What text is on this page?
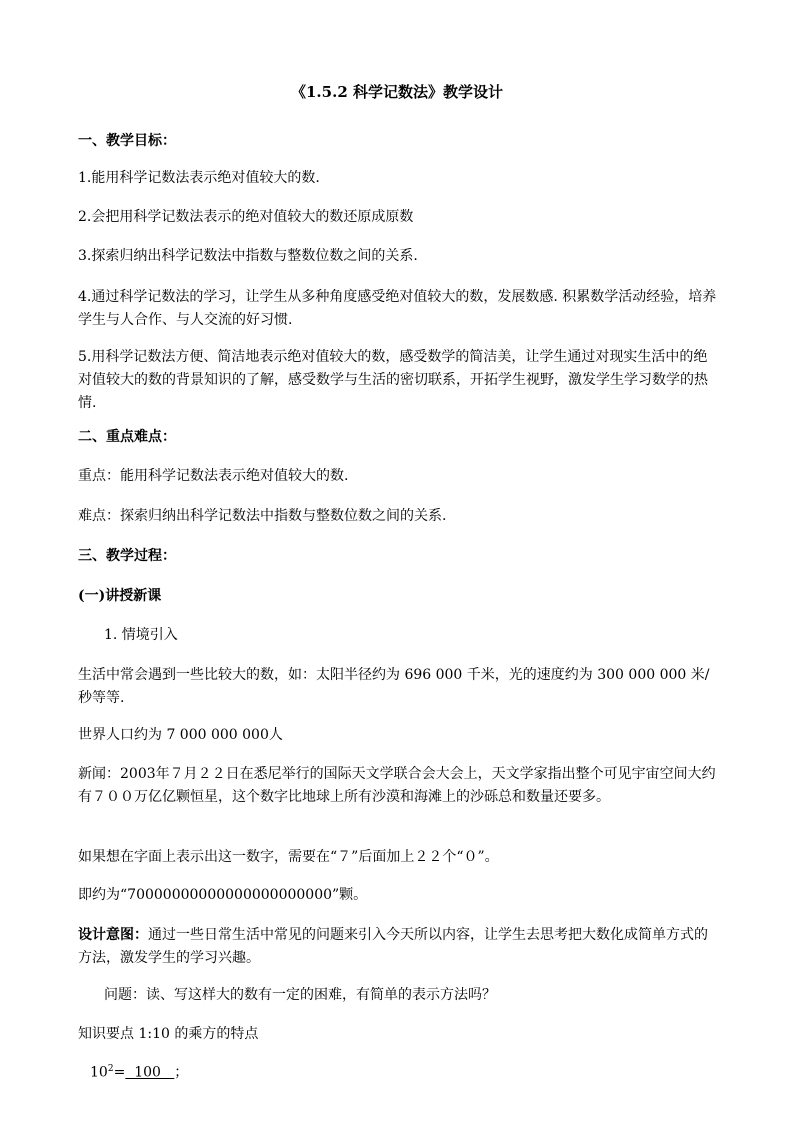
《1.5.2 科学记数法》教学设计

一、教学目标：

1.能用科学记数法表示绝对值较大的数.

2.会把用科学记数法表示的绝对值较大的数还原成原数

3.探索归纳出科学记数法中指数与整数位数之间的关系.

4.通过科学记数法的学习，让学生从多种角度感受绝对值较大的数，发展数感. 积累数学活动经验，培养学生与人合作、与人交流的好习惯.

5.用科学记数法方便、简洁地表示绝对值较大的数，感受数学的简洁美，让学生通过对现实生活中的绝对值较大的数的背景知识的了解，感受数学与生活的密切联系，开拓学生视野，激发学生学习数学的热情.

二、重点难点：

重点：能用科学记数法表示绝对值较大的数.

难点：探索归纳出科学记数法中指数与整数位数之间的关系.

三、教学过程：

(一)讲授新课

1. 情境引入

生活中常会遇到一些比较大的数，如：太阳半径约为 696 000 千米，光的速度约为 300 000 000 米/秒等等.

世界人口约为 7 000 000 000人

新闻：2003年７月２２日在悉尼举行的国际天文学联合会大会上，天文学家指出整个可见宇宙空间大约有７００万亿亿颗恒星，这个数字比地球上所有沙漠和海滩上的沙砾总和数量还要多。

如果想在字面上表示出这一数字，需要在“７”后面加上２２个“０”。

即约为“70000000000000000000000”颗。

设计意图：通过一些日常生活中常见的问题来引入今天所以内容，让学生去思考把大数化成简单方式的方法，激发学生的学习兴趣。

问题：读、写这样大的数有一定的困难，有简单的表示方法吗？

知识要点 1:10 的乘方的特点

$10^2= 100$   ；
